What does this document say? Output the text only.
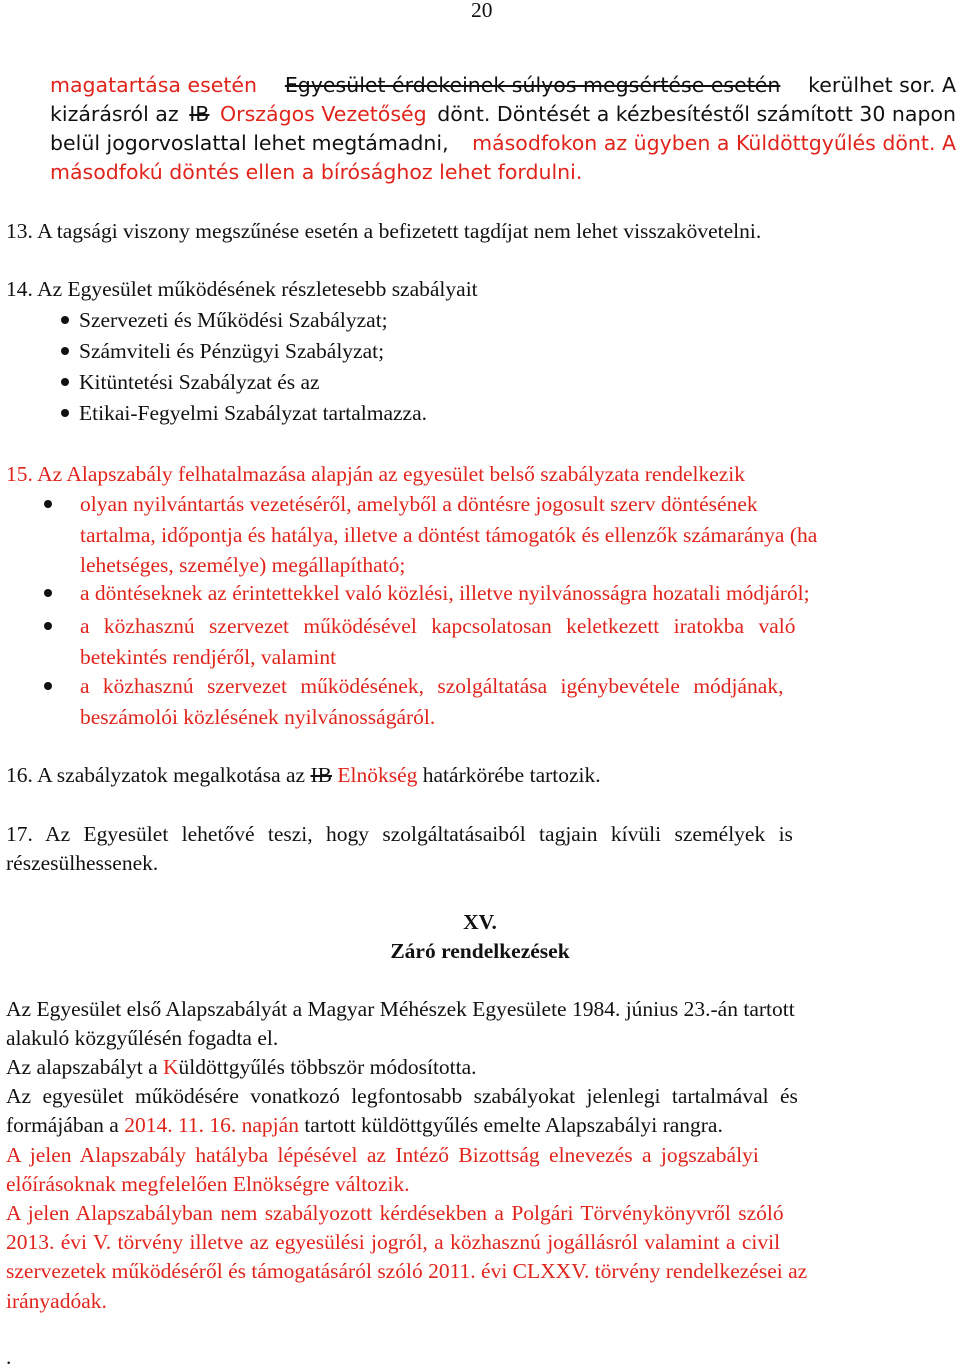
20
magatartása esetén Egyesület érdekeinek súlyos megsértése esetén kerülhet sor. A
kizárásról az IB Országos Vezetőség dönt. Döntését a kézbesítéstől számított 30 napon
belül jogorvoslattal lehet megtámadni, másodfokon az ügyben a Küldöttgyűlés dönt. A
másodfokú döntés ellen a bírósághoz lehet fordulni.
13. A tagsági viszony megszűnése esetén a befizetett tagdíjat nem lehet visszakövetelni.
14. Az Egyesület működésének részletesebb szabályait
Szervezeti és Működési Szabályzat;
Számviteli és Pénzügyi Szabályzat;
Kitüntetési Szabályzat és az
Etikai-Fegyelmi Szabályzat tartalmazza.
15. Az Alapszabály felhatalmazása alapján az egyesület belső szabályzata rendelkezik
olyan nyilvántartás vezetéséről, amelyből a döntésre jogosult szerv döntésének
tartalma, időpontja és hatálya, illetve a döntést támogatók és ellenzők számaránya (ha
lehetséges, személye) megállapítható;
a döntéseknek az érintettekkel való közlési, illetve nyilvánosságra hozatali módjáról;
a közhasznú szervezet működésével kapcsolatosan keletkezett iratokba való
betekintés rendjéről, valamint
a közhasznú szervezet működésének, szolgáltatása igénybevétele módjának,
beszámolói közlésének nyilvánosságáról.
16. A szabályzatok megalkotása az IB Elnökség határkörébe tartozik.
17. Az Egyesület lehetővé teszi, hogy szolgáltatásaiból tagjain kívüli személyek is
részesülhessenek.
XV.
Záró rendelkezések
Az Egyesület első Alapszabályát a Magyar Méhészek Egyesülete 1984. június 23.-án tartott
alakuló közgyűlésén fogadta el.
Az alapszabályt a Küldöttgyűlés többször módosította.
Az egyesület működésére vonatkozó legfontosabb szabályokat jelenlegi tartalmával és
formájában a 2014. 11. 16. napján tartott küldöttgyűlés emelte Alapszabályi rangra.
A jelen Alapszabály hatályba lépésével az Intéző Bizottság elnevezés a jogszabályi
előírásoknak megfelelően Elnökségre változik.
A jelen Alapszabályban nem szabályozott kérdésekben a Polgári Törvénykönyvről szóló
2013. évi V. törvény illetve az egyesülési jogról, a közhasznú jogállásról valamint a civil
szervezetek működéséről és támogatásáról szóló 2011. évi CLXXV. törvény rendelkezései az
irányadóak.
.
